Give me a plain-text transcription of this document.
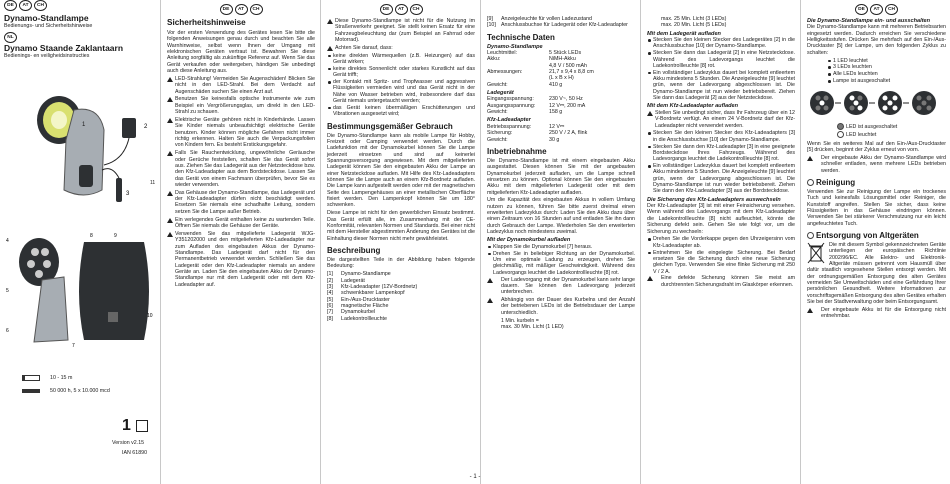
DE	AT	CH
Dynamo-Standlampe
Bedienungs- und Sicherheitshinweise
NL
Dynamo Staande Zaklantaarn
Bedienings- en veiligheidsinstructies
2
3
4
5
6
7
8	9
10
1
11
10 - 15 m
50 000 h, 5 x 10.000 mcd
1
Version v2.15
IAN 61890
DE	AT	CH
Sicherheitshinweise
Vor der ersten Verwendung des Gerätes lesen Sie bitte die folgenden Anweisungen genau durch und beachten Sie alle Warnhinweise, selbst wenn Ihnen der Umgang mit elektronischen Geräten vertraut ist. Bewahren Sie diese Anleitung sorgfältig als zukünftige Referenz auf. Wenn Sie das Gerät verkaufen oder weitergeben, händigen Sie unbedingt auch diese Anleitung aus.
LED-Strahlung! Vermeiden Sie Augenschäden! Blicken Sie nicht in den LED-Strahl. Bei dem Verdacht auf Augenschäden suchen Sie einen Arzt auf.
Benutzen Sie keinesfalls optische Instrumente wie zum Beispiel ein Vergrößerungsglas, um direkt in den LED-Strahl zu schauen.
Elektrische Geräte gehören nicht in Kinderhände. Lassen Sie Kinder niemals unbeaufsichtigt elektrische Geräte benutzen. Kinder können mögliche Gefahren nicht immer richtig erkennen. Halten Sie auch die Verpackungsfolien von Kindern fern. Es besteht Erstickungsgefahr.
Falls Sie Rauchentwicklung, ungewöhnliche Geräusche oder Gerüche feststellen, schalten Sie das Gerät sofort aus. Ziehen Sie das Ladegerät aus der Netzsteckdose bzw. den Kfz-Ladeadapter aus dem Bordsteckdose. Lassen Sie das Gerät von einem Fachmann überprüfen, bevor Sie es wieder verwenden.
Das Gehäuse der Dynamo-Standlampe, das Ladegerät und der Kfz-Ladeadapter dürfen nicht beschädigt werden. Ersetzen Sie niemals eine schadhafte Leitung, sondern setzen Sie die Lampe außer Betrieb.
Ein verlegendes Gerät enthalten keine zu wartenden Teile. Öffnen Sie niemals die Gehäuse der Geräte.
Verwenden Sie das mitgelieferte Ladegerät WJG-Y351202000 und den mitgelieferten Kfz-Ladeadapter nur zum Aufladen des eingebauten Akkus der Dynamo-Standlampe. Das Ladegerät darf nicht für den Permanentbetrieb verwendet werden. Schließen Sie das Ladegerät oder den Kfz-Ladeadapter niemals an andere Geräte an. Laden Sie den eingebauten Akku der Dynamo-Standlampe nur mit dem Ladegerät oder mit dem Kfz-Ladeadapter auf.
DE	AT	CH
Diese Dynamo-Standlampe ist nicht für die Nutzung im Straßenverkehr geeignet. Sie stellt keinen Ersatz für eine Fahrzeugbeleuchtung dar (zum Beispiel an Fahrrad oder Motorrad).
Achten Sie darauf, dass:
keine direkten Wärmequellen (z.B. Heizungen) auf das Gerät wirken;
keine direktes Sonnenlicht oder starkes Kunstlicht auf das Gerät trifft;
der Kontakt mit Spritz- und Tropfwasser und aggressiven Flüssigkeiten vermieden wird und das Gerät nicht in der Nähe von Wasser betrieben wird, insbesondere darf das Gerät niemals untergetaucht werden;
das Gerät keinen übermäßigen Erschütterungen und Vibrationen ausgesetzt wird;
Bestimmungsgemäßer Gebrauch
Die Dynamo-Standlampe kann als mobile Lampe für Hobby, Freizeit oder Camping verwendet werden. Durch die Ladefunktion mit der Dynamokurbel können Sie die Lampe jederzeit einsetzen und sind auf keinerlei Spannungsversorgung angewiesen. Mit dem mitgelieferten Ladegerät können Sie den eingebauten Akku der Lampe an einer Netzsteckdose aufladen. Mit Hilfe des Kfz-Ladeadapters können Sie die Lampe auch an einem Kfz-Bordnetz aufladen. Die Lampe kann aufgestellt werden oder mit der magnetischen Seite des Lampengehäuses an einer metallischen Oberfläche fixiert werden. Den Lampenkopf können Sie um 180° schwenken.
Diese Lampe ist nicht für den gewerblichen Einsatz bestimmt. Das Gerät erfüllt alle, im Zusammenhang mit der CE-Konformität, relevanten Normen und Standards. Bei einer nicht mit dem Hersteller abgestimmten Änderung des Gerätes ist die Einhaltung dieser Normen nicht mehr gewährleistet.
Beschreibung
Die dargestellten Teile in der Abbildung haben folgende Bedeutung:
[1]	Dynamo-Standlampe
[2]	Ladegerät
[3]	Kfz-Ladeadapter (12V-Bordnetz)
[4]	schwenkbarer Lampenkopf
[5]	Ein-/Aus-Drucktaster
[6]	magnetische Fläche
[7]	Dynamokurbel
[8]	Ladekontrollleuchte
[9]	Anzeigeleuchte für vollen Ladezustand
[10] Anschlussbuchse für Ladegerät oder Kfz-Ladeadapter
Technische Daten
Dynamo-Standlampe
Leuchtmittel:	5 Stück LEDs
Akku:	NiMH-Akku
4,8 V / 500 mAh
Abmessungen:	21,7 x 9,4 x 8,8 cm
(L x B x H)
Gewicht:	410 g
Ladegerät
Eingangsspannung:	230 V~, 50 Hz
Ausgangsspannung:	12 V⎓, 200 mA
Gewicht:	158 g
Kfz-Ladeadapter
Betriebsspannung:	12 V⎓
Sicherung:	250 V / 2 A, flink
Gewicht:	30 g
Inbetriebnahme
Die Dynamo-Standlampe ist mit einem eingebauten Akku ausgestattet. Diesen können Sie mit der angebauten Dynamokurbel jederzeit aufladen, um die Lampe schnell einsetzen zu können. Optional können Sie den eingebauten Akku mit dem mitgelieferten Ladegerät oder mit dem mitgelieferten Kfz-Ladeadapter aufladen.
Um die Kapazität des eingebauten Akkus in vollem Umfang nutzen zu können, führen Sie bitte zuerst dreimal einen erweiterten Ladezyklus durch: Laden Sie den Akku dazu über einen Zeitraum von 16 Stunden auf und entladen Sie ihn dann durch Gebrauch der Lampe. Wiederholen Sie den erweiterten Ladezyklus noch mindestens zweimal.
Mit der Dynamokurbel aufladen
Klappen Sie die Dynamokurbel [7] heraus.
Drehen Sie in beliebiger Richtung an der Dynamokurbel. Um eine optimale Ladung zu erzeugen, drehen Sie gleichmäßig, mit mäßiger Geschwindigkeit. Während des Ladevorgangs leuchtet die Ladekontrollleuchte [8] rot.
Der Ladevorgang mit der Dynamokurbel kann sehr lange dauern. Sie können den Ladevorgang jederzeit unterbrechen.
Abhängig von der Dauer des Kurbelns und der Anzahl der betriebenen LEDs ist die Betriebsdauer der Lampe unterschiedlich.
1 Min. kurbeln =
max. 30 Min. Licht (1 LED)
max. 25 Min. Licht (3 LEDs)
max. 20 Min. Licht (5 LEDs)
Mit dem Ladegerät aufladen
Stecken Sie den kleinen Stecker des Ladegerätes [2] in die Anschlussbuchse [10] der Dynamo-Standlampe.
Stecken Sie dann das Ladegerät [2] in eine Netzsteckdose. Während des Ladevorgangs leuchtet die Ladekontrollleuchte [8] rot.
Ein vollständiger Ladezyklus dauert bei komplett entleertem Akku mindestens 5 Stunden. Die Anzeigeleuchte [9] leuchtet grün, wenn der Ladevorgang abgeschlossen ist. Die Dynamo-Standlampe ist nun wieder betriebsbereit. Ziehen Sie dann das Ladegerät [2] aus der Netzsteckdose.
Mit dem Kfz-Ladeadapter aufladen
Stellen Sie unbedingt sicher, dass Ihr Fahrzeug über ein 12 V-Bordnetz verfügt. An einem 24 V-Bordnetz darf der Kfz-Ladeadapter nicht verwendet werden.
Stecken Sie den kleinen Stecker des Kfz-Ladeadapters [3] in die Anschlussbuchse [10] der Dynamo-Standlampe.
Stecken Sie dann den Kfz-Ladeadapter [3] in eine geeignete Bordsteckdose Ihres Fahrzeugs. Während des Ladevorgangs leuchtet die Ladekontrollleuchte [8] rot.
Ein vollständiger Ladezyklus dauert bei komplett entleertem Akku mindestens 5 Stunden. Die Anzeigeleuchte [9] leuchtet grün, wenn der Ladevorgang abgeschlossen ist. Die Dynamo-Standlampe ist nun wieder betriebsbereit. Ziehen Sie dann den Kfz-Ladeadapter [3] aus der Bordsteckdose.
Die Sicherung des Kfz-Ladeadapters auswechseln
Der Kfz-Ladeadapter [3] ist mit einer Feinsicherung versehen. Wenn während des Ladevorgangs mit dem Kfz-Ladeadapter die Ladekontrollleuchte [8] nicht aufleuchtet, könnte die Sicherung defekt sein. Gehen Sie wie folgt vor, um die Sicherung zu wechseln:
Drehen Sie die Vorderkappe gegen den Uhrzeigersinn vom Kfz-Ladeadapter ab.
Entnehmen Sie die eingelegte Sicherung. Bei Bedarf ersetzen Sie die Sicherung durch eine neue Sicherung gleichen Typs. Verwenden Sie eine flinke Sicherung mit 250 V / 2 A.
Eine defekte Sicherung können Sie meist am durchtrennten Sicherungsdraht im Glaskörper erkennen.
DE	AT	CH
Die Dynamo-Standlampe ein- und ausschalten
Die Dynamo-Standlampe kann mit mehreren Betriebsarten eingesetzt werden. Dadurch erreichen Sie verschiedene Helligkeitsstufen. Drücken Sie mehrfach auf den Ein-/Aus-Drucktaster [5] der Lampe, um den folgenden Zyklus zu schalten:
1 LED leuchtet
3 LEDs leuchten
Alle LEDs leuchten
Lampe ist ausgeschaltet
LED ist ausgeschaltet
LED leuchtet
Wenn Sie ein weiteres Mal auf den Ein-/Aus-Drucktaster [5] drücken, beginnt der Zyklus erneut von vorn.
Der eingebaute Akku der Dynamo-Standlampe wird schneller entladen, wenn mehrere LEDs betrieben werden.
Reinigung
Verwenden Sie zur Reinigung der Lampe ein trockenes Tuch und keinesfalls Lösungsmittel oder Reiniger, die Kunststoff angreifen. Stellen Sie sicher, dass keine Flüssigkeiten in das Gehäuse eindringen können. Verwenden Sie bei stärkerer Verschmutzung nur ein leicht angefeuchtetes Tuch.
Entsorgung von Altgeräten
Die mit diesem Symbol gekennzeichneten Geräte unterliegen der europäischen Richtlinie 2002/96/EC. Alle Elektro- und Elektronik-Altgeräte müssen getrennt vom Hausmüll über dafür staatlich vorgesehene Stellen entsorgt werden. Mit der ordnungsgemäßen Entsorgung des alten Gerätes vermeiden Sie Umweltschäden und eine Gefährdung Ihrer persönlichen Gesundheit. Weitere Informationen zur vorschriftsgemäßen Entsorgung des alten Gerätes erhalten Sie bei der Stadtverwaltung oder beim Entsorgungsamt.
Der eingebaute Akku ist für die Entsorgung nicht entnehmbar.
- 1 -
